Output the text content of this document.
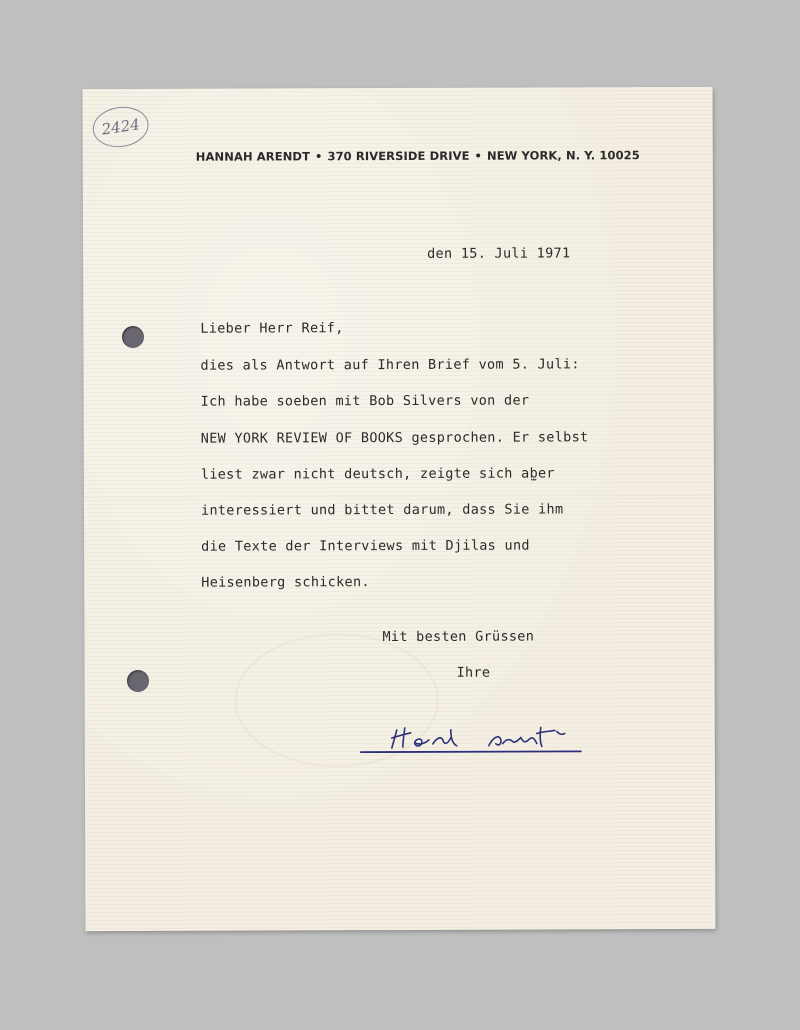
2424
HANNAH ARENDT • 370 RIVERSIDE DRIVE • NEW YORK, N. Y. 10025
den 15. Juli 1971
Lieber Herr Reif,
dies als Antwort auf Ihren Brief vom 5. Juli:
Ich habe soeben mit Bob Silvers von der
NEW YORK REVIEW OF BOOKS gesprochen. Er selbst
liest zwar nicht deutsch, zeigte sich ab̫er
interessiert und bittet darum, dass Sie ihm
die Texte der Interviews mit Djilas und
Heisenberg schicken.
Mit besten Grüssen
Ihre
